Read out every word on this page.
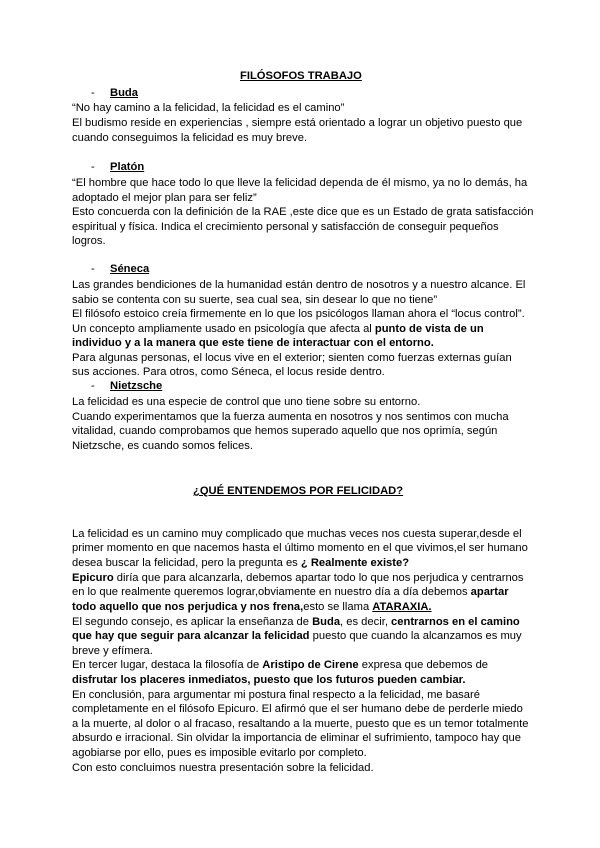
FILÓSOFOS TRABAJO
- Buda
“No hay camino a la felicidad, la felicidad es el camino”
El budismo reside en experiencias , siempre está orientado a lograr un objetivo puesto que
cuando conseguimos la felicidad es muy breve.
- Platón
“El hombre que hace todo lo que lleve la felicidad dependa de él mismo, ya no lo demás, ha
adoptado el mejor plan para ser feliz”
Esto concuerda con la definición de la RAE ,este dice que es un Estado de grata satisfacción
espiritual y física. Indica el crecimiento personal y satisfacción de conseguir pequeños
logros.
- Séneca
Las grandes bendiciones de la humanidad están dentro de nosotros y a nuestro alcance. El
sabio se contenta con su suerte, sea cual sea, sin desear lo que no tiene”
El filósofo estoico creía firmemente en lo que los psicólogos llaman ahora el “locus control”.
Un concepto ampliamente usado en psicología que afecta al punto de vista de un
individuo y a la manera que este tiene de interactuar con el entorno.
Para algunas personas, el locus vive en el exterior; sienten como fuerzas externas guían
sus acciones. Para otros, como Séneca, el locus reside dentro.
- Nietzsche
La felicidad es una especie de control que uno tiene sobre su entorno.
Cuando experimentamos que la fuerza aumenta en nosotros y nos sentimos con mucha
vitalidad, cuando comprobamos que hemos superado aquello que nos oprimía, según
Nietzsche, es cuando somos felices.
¿QUÉ ENTENDEMOS POR FELICIDAD?
La felicidad es un camino muy complicado que muchas veces nos cuesta superar,desde el
primer momento en que nacemos hasta el último momento en el que vivimos,el ser humano
desea buscar la felicidad, pero la pregunta es ¿ Realmente existe?
Epicuro diría que para alcanzarla, debemos apartar todo lo que nos perjudica y centrarnos
en lo que realmente queremos lograr,obviamente en nuestro día a día debemos apartar
todo aquello que nos perjudica y nos frena,esto se llama ATARAXIA.
El segundo consejo, es aplicar la enseñanza de Buda, es decir, centrarnos en el camino
que hay que seguir para alcanzar la felicidad puesto que cuando la alcanzamos es muy
breve y efímera.
En tercer lugar, destaca la filosofía de Aristipo de Cirene expresa que debemos de
disfrutar los placeres inmediatos, puesto que los futuros pueden cambiar.
En conclusión, para argumentar mi postura final respecto a la felicidad, me basaré
completamente en el filósofo Epicuro. El afirmó que el ser humano debe de perderle miedo
a la muerte, al dolor o al fracaso, resaltando a la muerte, puesto que es un temor totalmente
absurdo e irracional. Sin olvidar la importancia de eliminar el sufrimiento, tampoco hay que
agobiarse por ello, pues es imposible evitarlo por completo.
Con esto concluimos nuestra presentación sobre la felicidad.
